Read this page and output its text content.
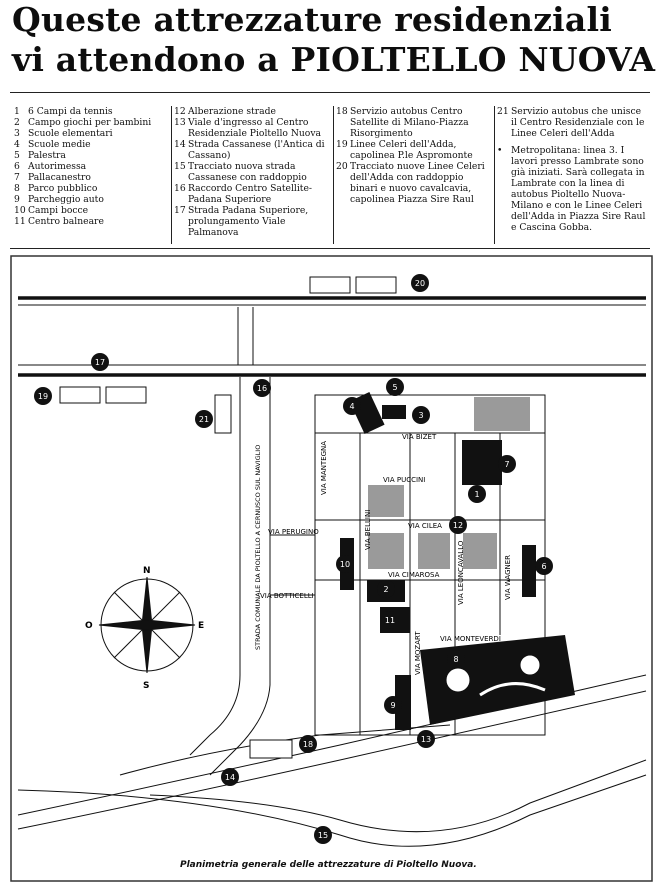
Queste attrezzature residenziali
vi attendono a PIOLTELLO NUOVA
1 6 Campi da tennis
2 Campo giochi per bambini
3 Scuole elementari
4 Scuole medie
5 Palestra
6 Autorimessa
7 Pallacanestro
8 Parco pubblico
9 Parcheggio auto
10 Campi bocce
11 Centro balneare
12 Alberazione strade
13 Viale d'ingresso al Centro Residenziale Pioltello Nuova
14 Strada Cassanese (l'Antica di Cassano)
15 Tracciato nuova strada Cassanese con raddoppio
16 Raccordo Centro Satellite-Padana Superiore
17 Strada Padana Superiore, prolungamento Viale Palmanova
18 Servizio autobus Centro Satellite di Milano-Piazza Risorgimento
19 Linee Celeri dell'Adda, capolinea P.le Aspromonte
20 Tracciato nuove Linee Celeri dell'Adda con raddoppio binari e nuovo cavalcavia, capolinea Piazza Sire Raul
21 Servizio autobus che unisce il Centro Residenziale con le Linee Celeri dell'Adda
• Metropolitana: linea 3. I lavori presso Lambrate sono già iniziati. Sarà collegata in Lambrate con la linea di autobus Pioltello Nuova-Milano e con le Linee Celeri dell'Adda in Piazza Sire Raul e Cascina Gobba.
N
S
E
O
VIA BIZET
VIA PUCCINI
VIA MANTEGNA
VIA PERUGINO	VIA BELLINI	VIA CILEA
VIA CIMAROSA	VIA LEONCAVALLO	VIA WAGNER
VIA BOTTICELLI
VIA MONTEVERDI
VIA MOZART
STRADA COMUNALE DA PIOLTELLO A CERNUSCO SUL NAVIGLIO
20
17
19
16
21
5
4
3
7
1
12
10
2
6
11
8
9
13
18
14
15
Planimetria generale delle attrezzature di Pioltello Nuova.
